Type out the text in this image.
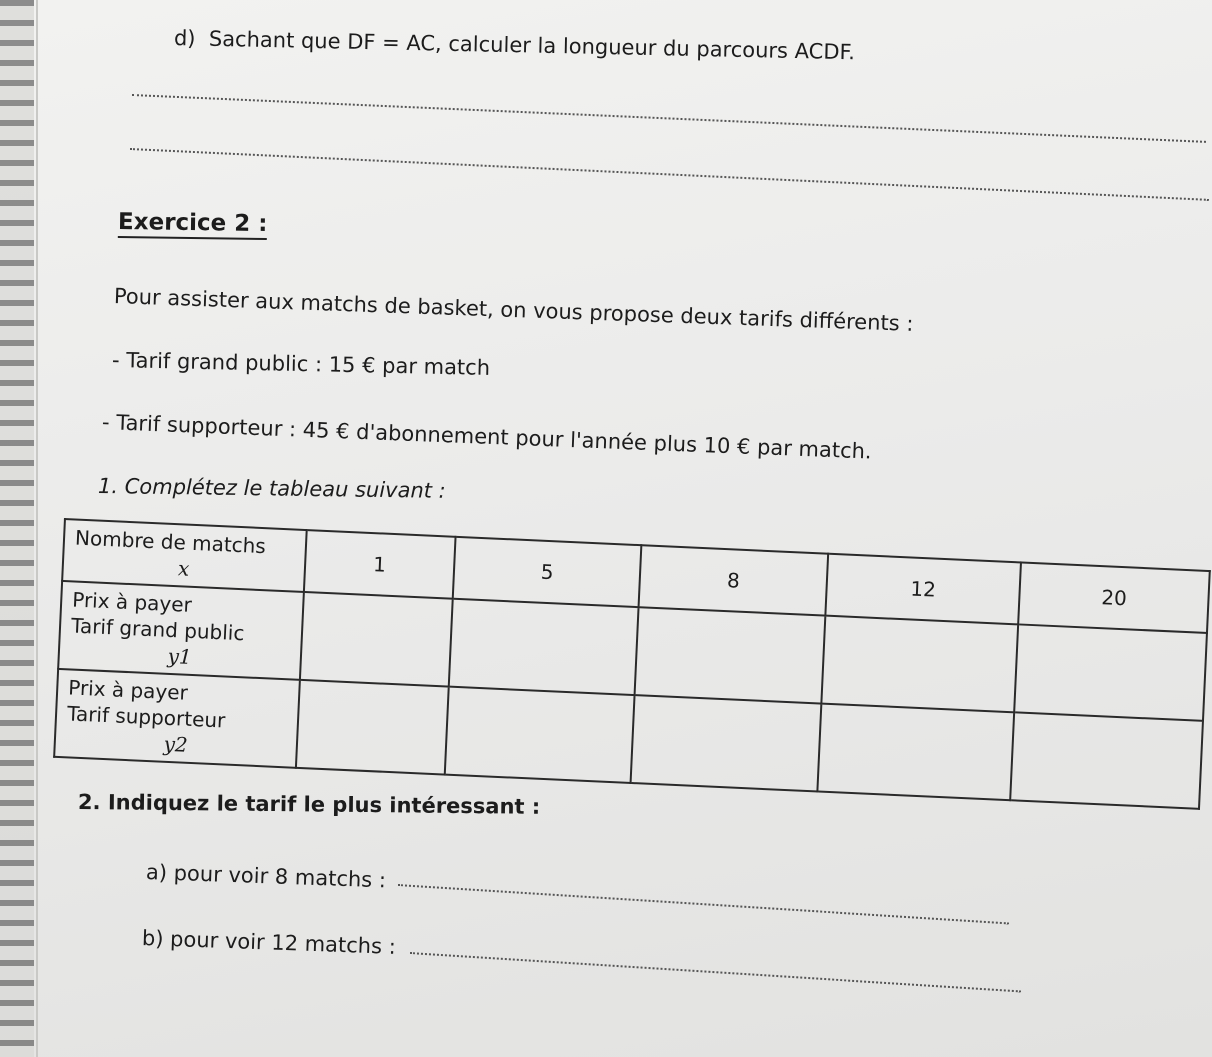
d) Sachant que DF = AC, calculer la longueur du parcours ACDF.
Exercice 2 :
Pour assister aux matchs de basket, on vous propose deux tarifs différents :
- Tarif grand public : 15 € par match
- Tarif supporteur : 45 € d'abonnement pour l'année plus 10 € par match.
1. Complétez le tableau suivant :
Nombre de matchs
x	1	5	8	12	20
Prix à payer
Tarif grand public
y1					

Prix à payer
Tarif supporteur
y2					

2. Indiquez le tarif le plus intéressant :
a) pour voir 8 matchs :
b) pour voir 12 matchs :
